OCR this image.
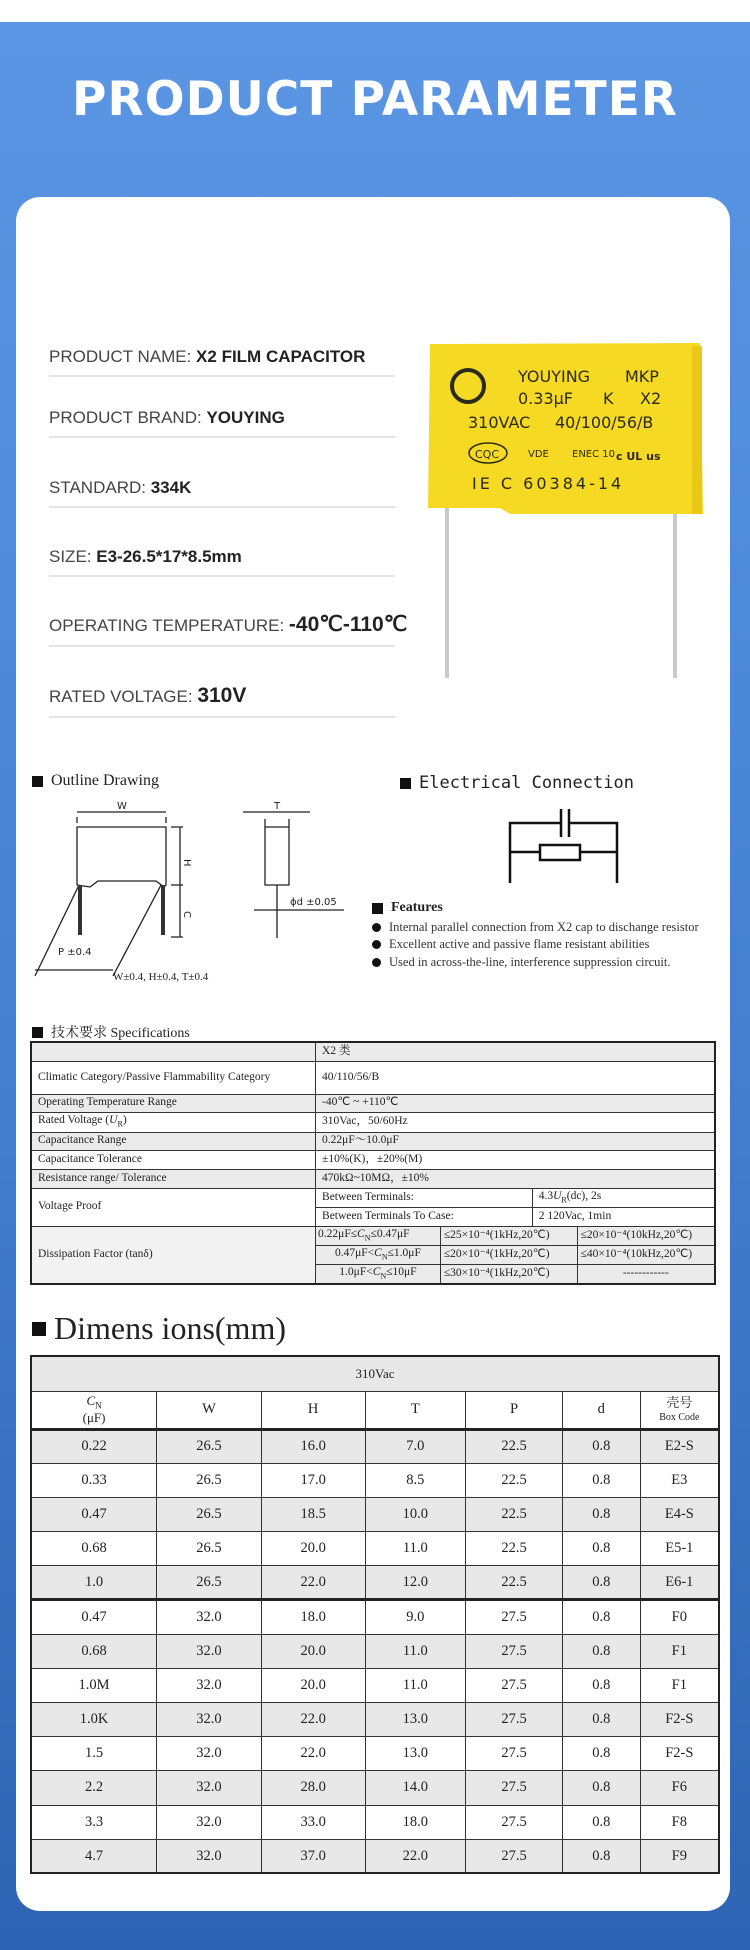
PRODUCT PARAMETER
PRODUCT NAME: X2 FILM CAPACITOR
PRODUCT BRAND: YOUYING
STANDARD: 334K
SIZE: E3-26.5*17*8.5mm
OPERATING TEMPERATURE: -40℃-110℃
RATED VOLTAGE: 310V
YOUYING MKP
0.33μF K X2
310VAC 40/100/56/B
CQC	VDE ENEC 10 c UL us
IE C 60384-14
Outline Drawing
W	T
H
C
P ±0.4
ϕd ±0.05
W±0.4, H±0.4, T±0.4
Electrical Connection
Features
Internal parallel connection from X2 cap to dischange resistor
Excellent active and passive flame resistant abilities
Used in across-the-line, interference suppression circuit.
技术要求 Specifications
	X2 类			
Climatic Category/Passive Flammability Category	40/110/56/B			
Operating Temperature Range	-40℃ ~ +110℃			
Rated Voltage $(U_R)$	310Vac，50/60Hz			
Capacitance Range	0.22μF～10.0μF			
Capacitance Tolerance	±10%(K)，±20%(M)			
Resistance range/ Tolerance	470kΩ~10MΩ，±10%			
Voltage Proof	Between Terminals:		$4.3U_R(dc)$, 2s	
	Between Terminals To Case:		2 120Vac, 1min	
Dissipation Factor (tanδ)	$0.22\mu F\le C_N\le 0.47\mu F$	≤25×10⁻⁴(1kHz,20℃)		≤20×10⁻⁴(10kHz,20℃)
	$0.47\mu F<C_N\le 1.0\mu F$	≤20×10⁻⁴(1kHz,20℃)		≤40×10⁻⁴(10kHz,20℃)
	$1.0\mu F<C_N\le 10\mu F$	≤30×10⁻⁴(1kHz,20℃)		------------
Dimens ions(mm)
310Vac						
$C_N$
(μF)	W	H	T	P	d	壳号
Box Code
0.22	26.5	16.0	7.0	22.5	0.8	E2-S
0.33	26.5	17.0	8.5	22.5	0.8	E3
0.47	26.5	18.5	10.0	22.5	0.8	E4-S
0.68	26.5	20.0	11.0	22.5	0.8	E5-1
1.0	26.5	22.0	12.0	22.5	0.8	E6-1
0.47	32.0	18.0	9.0	27.5	0.8	F0
0.68	32.0	20.0	11.0	27.5	0.8	F1
1.0M	32.0	20.0	11.0	27.5	0.8	F1
1.0K	32.0	22.0	13.0	27.5	0.8	F2-S
1.5	32.0	22.0	13.0	27.5	0.8	F2-S
2.2	32.0	28.0	14.0	27.5	0.8	F6
3.3	32.0	33.0	18.0	27.5	0.8	F8
4.7	32.0	37.0	22.0	27.5	0.8	F9
